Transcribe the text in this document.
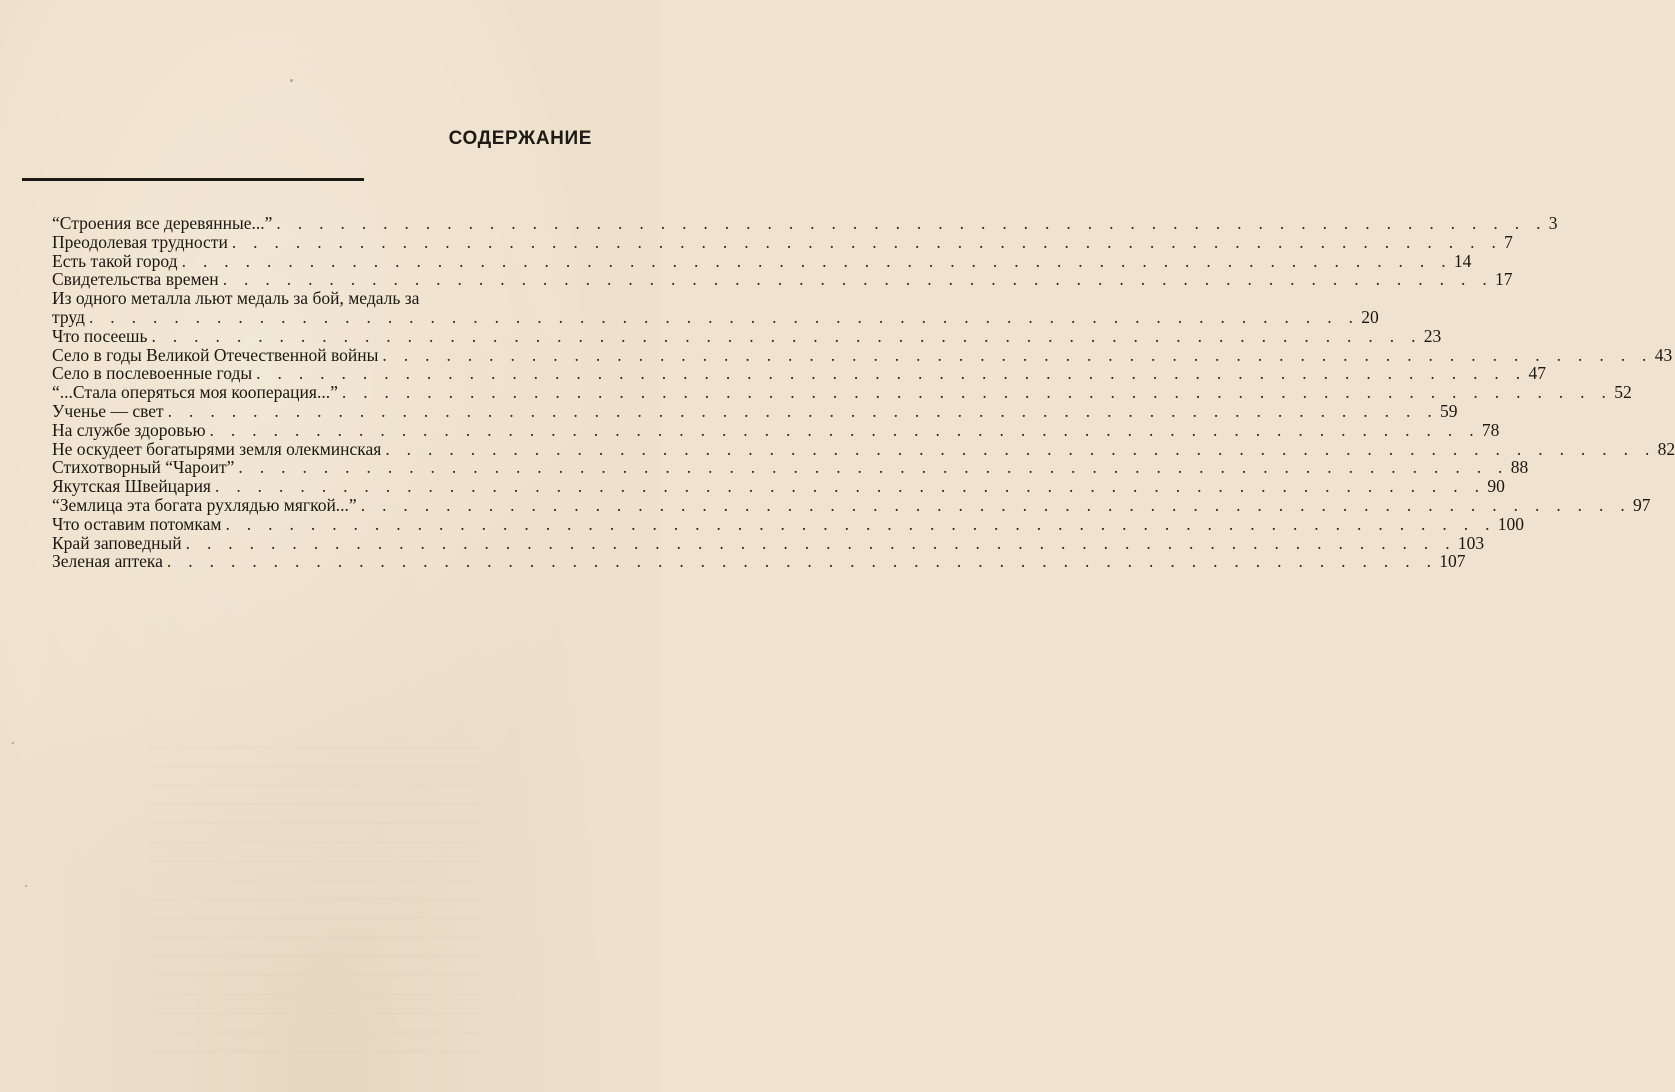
СОДЕРЖАНИЕ
“Строения все деревянные...” . . . . . . . . . . . . . . . . . . . . . . . . . . . . . . . . . . . . . . . . . . . . . . . . . . . . . . . . . . . . 3
Преодолевая трудности . . . . . . . . . . . . . . . . . . . . . . . . . . . . . . . . . . . . . . . . . . . . . . . . . . . . . . . . . . . . 7
Есть такой город . . . . . . . . . . . . . . . . . . . . . . . . . . . . . . . . . . . . . . . . . . . . . . . . . . . . . . . . . . . . 14
Свидетельства времен . . . . . . . . . . . . . . . . . . . . . . . . . . . . . . . . . . . . . . . . . . . . . . . . . . . . . . . . . . . . 17
Из одного металла льют медаль за бой, медаль за
труд . . . . . . . . . . . . . . . . . . . . . . . . . . . . . . . . . . . . . . . . . . . . . . . . . . . . . . . . . . . . 20
Что посеешь . . . . . . . . . . . . . . . . . . . . . . . . . . . . . . . . . . . . . . . . . . . . . . . . . . . . . . . . . . . . 23
Село в годы Великой Отечественной войны . . . . . . . . . . . . . . . . . . . . . . . . . . . . . . . . . . . . . . . . . . . . . . . . . . . . . . . . . . . . 43
Село в послевоенные годы . . . . . . . . . . . . . . . . . . . . . . . . . . . . . . . . . . . . . . . . . . . . . . . . . . . . . . . . . . . . 47
“...Стала оперяться моя кооперация...” . . . . . . . . . . . . . . . . . . . . . . . . . . . . . . . . . . . . . . . . . . . . . . . . . . . . . . . . . . . . 52
Ученье — свет . . . . . . . . . . . . . . . . . . . . . . . . . . . . . . . . . . . . . . . . . . . . . . . . . . . . . . . . . . . . 59
На службе здоровью . . . . . . . . . . . . . . . . . . . . . . . . . . . . . . . . . . . . . . . . . . . . . . . . . . . . . . . . . . . . 78
Не оскудеет богатырями земля олекминская . . . . . . . . . . . . . . . . . . . . . . . . . . . . . . . . . . . . . . . . . . . . . . . . . . . . . . . . . . . . 82
Стихотворный “Чароит” . . . . . . . . . . . . . . . . . . . . . . . . . . . . . . . . . . . . . . . . . . . . . . . . . . . . . . . . . . . . 88
Якутская Швейцария . . . . . . . . . . . . . . . . . . . . . . . . . . . . . . . . . . . . . . . . . . . . . . . . . . . . . . . . . . . . 90
“Землица эта богата рухлядью мягкой...” . . . . . . . . . . . . . . . . . . . . . . . . . . . . . . . . . . . . . . . . . . . . . . . . . . . . . . . . . . . . 97
Что оставим потомкам . . . . . . . . . . . . . . . . . . . . . . . . . . . . . . . . . . . . . . . . . . . . . . . . . . . . . . . . . . . . 100
Край заповедный . . . . . . . . . . . . . . . . . . . . . . . . . . . . . . . . . . . . . . . . . . . . . . . . . . . . . . . . . . . . 103
Зеленая аптека . . . . . . . . . . . . . . . . . . . . . . . . . . . . . . . . . . . . . . . . . . . . . . . . . . . . . . . . . . . . 107
